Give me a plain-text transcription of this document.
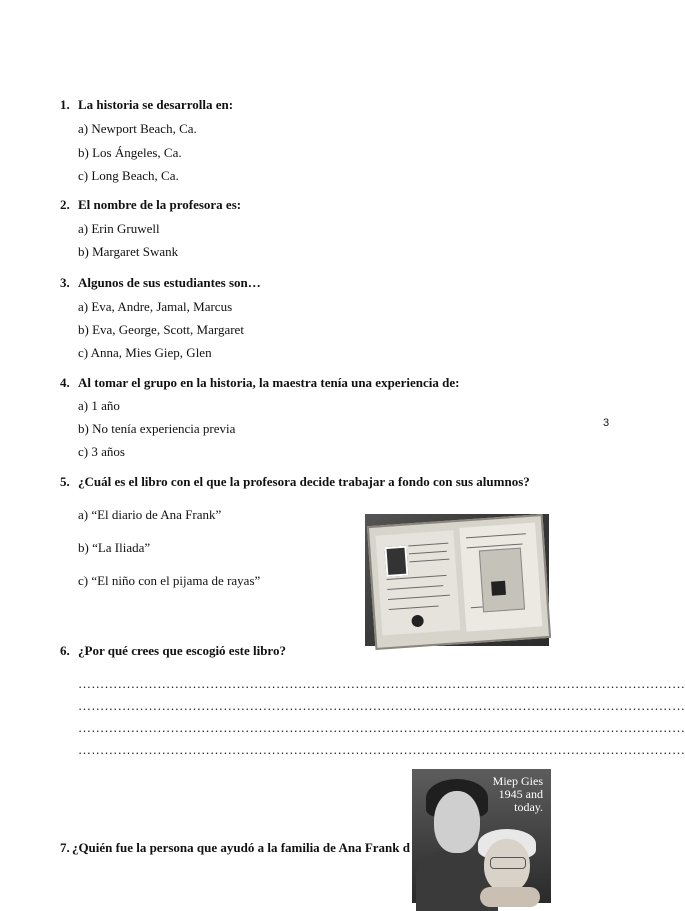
3
1. La historia se desarrolla en:
a) Newport Beach, Ca.
b) Los Ángeles, Ca.
c) Long Beach, Ca.
2. El nombre de la profesora es:
a) Erin Gruwell
b) Margaret Swank
3. Algunos de sus estudiantes son…
a) Eva, Andre, Jamal, Marcus
b) Eva, George, Scott, Margaret
c) Anna, Mies Giep, Glen
4. Al tomar el grupo en la historia, la maestra tenía una experiencia de:
a) 1 año
b) No tenía experiencia previa
c) 3 años
5. ¿Cuál es el libro con el que la profesora decide trabajar a fondo con sus alumnos?
a) “El diario de Ana Frank”
b) “La Iliada”
c) “El niño con el pijama de rayas”
6. ¿Por qué crees que escogió este libro?
…………………………………………………………………………………………………………………………
…………………………………………………………………………………………………………………………
…………………………………………………………………………………………………………………………
…………………………………………………………………………………………………………………………
Miep Gies
1945 and
today.
7. ¿Quién fue la persona que ayudó a la familia de Ana Frank d
